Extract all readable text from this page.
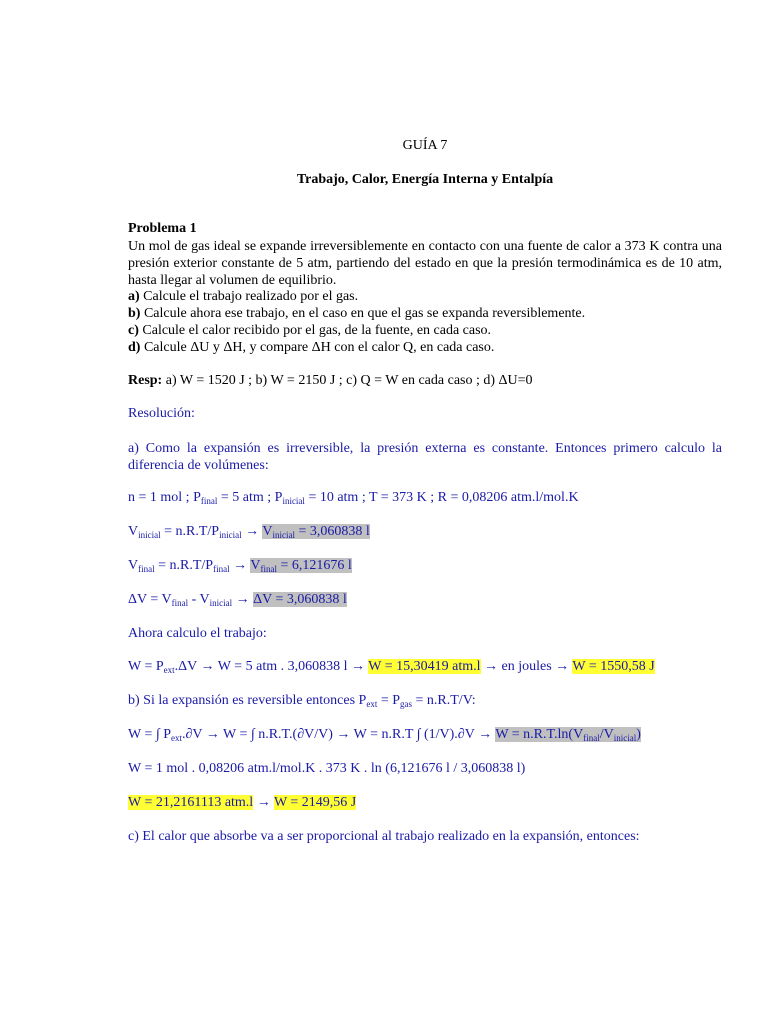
GUÍA 7
Trabajo, Calor, Energía Interna y Entalpía
Problema 1
Un mol de gas ideal se expande irreversiblemente en contacto con una fuente de calor a 373 K contra una presión exterior constante de 5 atm, partiendo del estado en que la presión termodinámica es de 10 atm, hasta llegar al volumen de equilibrio.
a) Calcule el trabajo realizado por el gas.
b) Calcule ahora ese trabajo, en el caso en que el gas se expanda reversiblemente.
c) Calcule el calor recibido por el gas, de la fuente, en cada caso.
d) Calcule ΔU y ΔH, y compare ΔH con el calor Q, en cada caso.
Resp: a) W = 1520 J ; b) W = 2150 J ; c) Q = W en cada caso ; d) ΔU=0
Resolución:
a) Como la expansión es irreversible, la presión externa es constante. Entonces primero calculo la diferencia de volúmenes:
n = 1 mol ; $P_{final} = 5$ atm ; $P_{inicial} = 10$ atm ; T = 373 K ; R = 0,08206 atm.l/mol.K
$V_{inicial} = n.R.T/P_{inicial} \to V_{inicial} = 3,060838$ l
$V_{final} = n.R.T/P_{final} \to V_{final} = 6,121676$ l
$\Delta V = V_{final} - V_{inicial} \to \Delta V = 3,060838$ l
Ahora calculo el trabajo:
$W = P_{ext}.\Delta V \to W = 5$ atm . 3,060838 l → W = 15,30419 atm.l → en joules → W = 1550,58 J
b) Si la expansión es reversible entonces $P_{ext} = P_{gas} = n.R.T/V$:
W = ∫ $P_{ext}.\partial V \to W$ = ∫ n.R.T.(∂V/V) → W = n.R.T ∫ $(1/V).\partial V \to W = n.R.T.\ln(V_{final}/V_{inicial})$
W = 1 mol . 0,08206 atm.l/mol.K . 373 K . ln (6,121676 l / 3,060838 l)
W = 21,2161113 atm.l → W = 2149,56 J
c) El calor que absorbe va a ser proporcional al trabajo realizado en la expansión, entonces:
